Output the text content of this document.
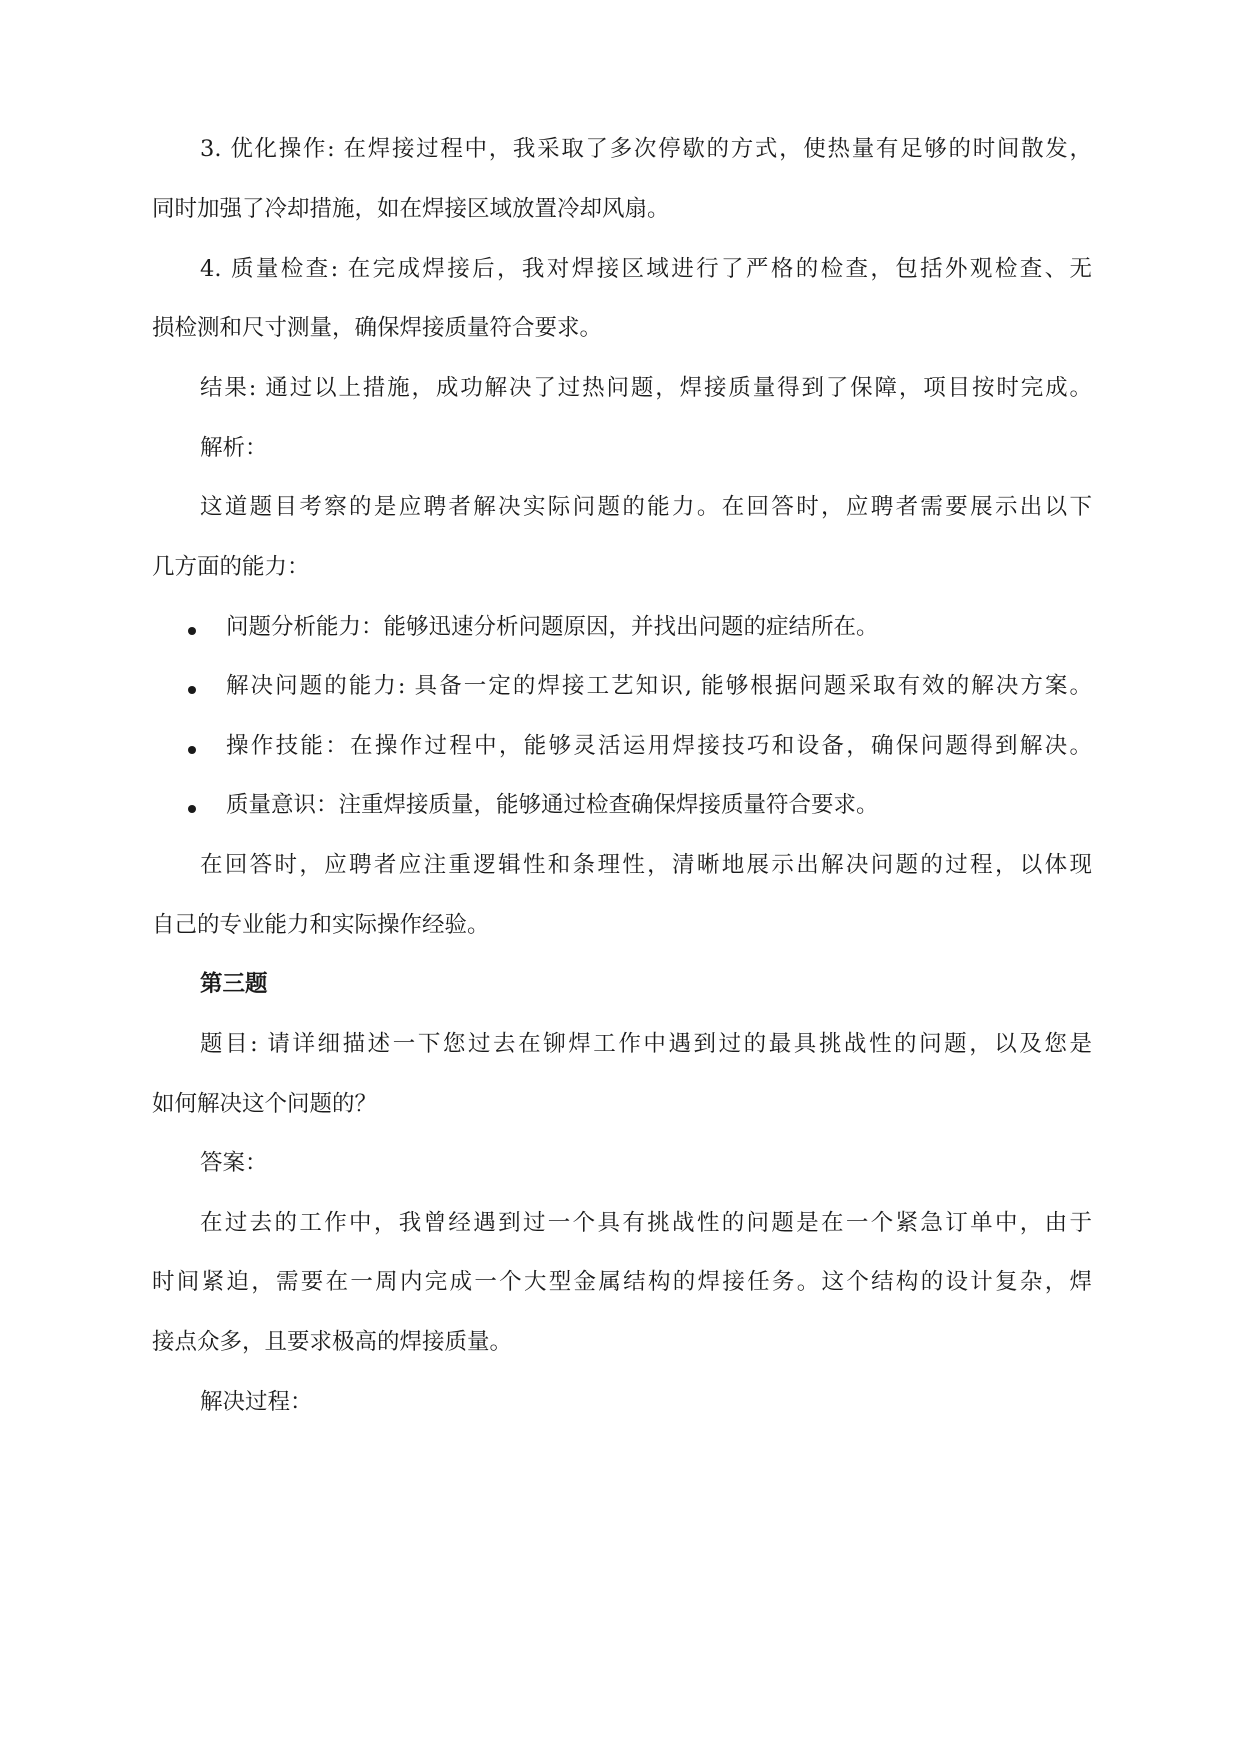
3. 优化操作: 在焊接过程中，我采取了多次停歇的方式，使热量有足够的时间散发，
同时加强了冷却措施，如在焊接区域放置冷却风扇。
4. 质量检查: 在完成焊接后，我对焊接区域进行了严格的检查，包括外观检查、无
损检测和尺寸测量，确保焊接质量符合要求。
结果: 通过以上措施，成功解决了过热问题，焊接质量得到了保障，项目按时完成。
解析：
这道题目考察的是应聘者解决实际问题的能力。在回答时，应聘者需要展示出以下
几方面的能力：
问题分析能力：能够迅速分析问题原因，并找出问题的症结所在。
解决问题的能力: 具备一定的焊接工艺知识, 能够根据问题采取有效的解决方案。
操作技能：在操作过程中，能够灵活运用焊接技巧和设备，确保问题得到解决。
质量意识：注重焊接质量，能够通过检查确保焊接质量符合要求。
在回答时，应聘者应注重逻辑性和条理性，清晰地展示出解决问题的过程，以体现
自己的专业能力和实际操作经验。
第三题
题目: 请详细描述一下您过去在铆焊工作中遇到过的最具挑战性的问题，以及您是
如何解决这个问题的？
答案：
在过去的工作中，我曾经遇到过一个具有挑战性的问题是在一个紧急订单中，由于
时间紧迫，需要在一周内完成一个大型金属结构的焊接任务。这个结构的设计复杂，焊
接点众多，且要求极高的焊接质量。
解决过程：
